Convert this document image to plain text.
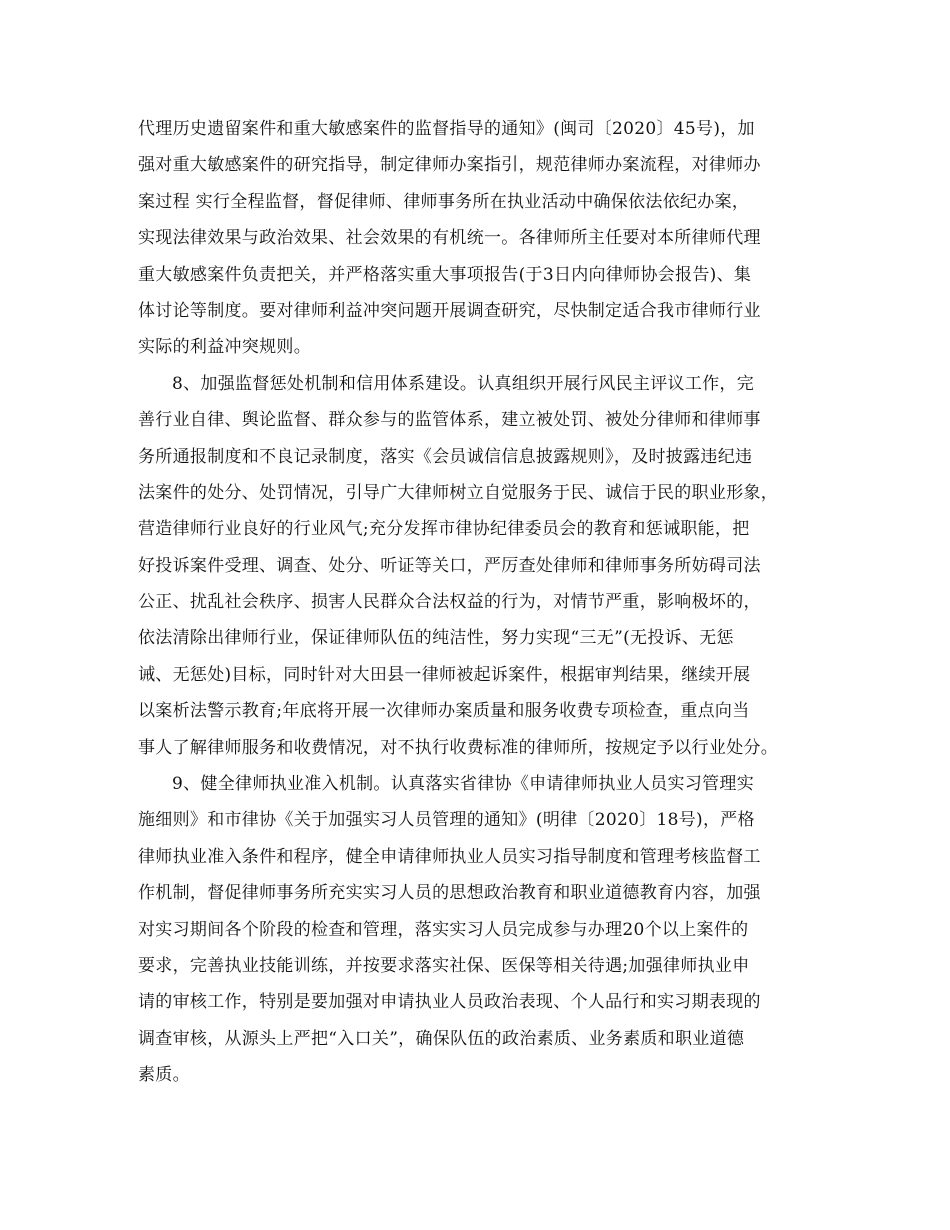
代理历史遗留案件和重大敏感案件的监督指导的通知》(闽司〔2020〕45号)，加
强对重大敏感案件的研究指导，制定律师办案指引，规范律师办案流程，对律师办
案过程 实行全程监督，督促律师、律师事务所在执业活动中确保依法依纪办案，
实现法律效果与政治效果、社会效果的有机统一。各律师所主任要对本所律师代理
重大敏感案件负责把关，并严格落实重大事项报告(于3日内向律师协会报告)、集
体讨论等制度。要对律师利益冲突问题开展调查研究，尽快制定适合我市律师行业
实际的利益冲突规则。
8、加强监督惩处机制和信用体系建设。认真组织开展行风民主评议工作，完
善行业自律、舆论监督、群众参与的监管体系，建立被处罚、被处分律师和律师事
务所通报制度和不良记录制度，落实《会员诚信信息披露规则》，及时披露违纪违
法案件的处分、处罚情况，引导广大律师树立自觉服务于民、诚信于民的职业形象，
营造律师行业良好的行业风气;充分发挥市律协纪律委员会的教育和惩诫职能，把
好投诉案件受理、调查、处分、听证等关口，严厉查处律师和律师事务所妨碍司法
公正、扰乱社会秩序、损害人民群众合法权益的行为，对情节严重，影响极坏的，
依法清除出律师行业，保证律师队伍的纯洁性，努力实现“三无”(无投诉、无惩
诫、无惩处)目标，同时针对大田县一律师被起诉案件，根据审判结果，继续开展
以案析法警示教育;年底将开展一次律师办案质量和服务收费专项检查，重点向当
事人了解律师服务和收费情况，对不执行收费标准的律师所，按规定予以行业处分。
9、健全律师执业准入机制。认真落实省律协《申请律师执业人员实习管理实
施细则》和市律协《关于加强实习人员管理的通知》(明律〔2020〕18号)，严格
律师执业准入条件和程序，健全申请律师执业人员实习指导制度和管理考核监督工
作机制，督促律师事务所充实实习人员的思想政治教育和职业道德教育内容，加强
对实习期间各个阶段的检查和管理，落实实习人员完成参与办理20个以上案件的
要求，完善执业技能训练，并按要求落实社保、医保等相关待遇;加强律师执业申
请的审核工作，特别是要加强对申请执业人员政治表现、个人品行和实习期表现的
调查审核，从源头上严把“入口关”，确保队伍的政治素质、业务素质和职业道德
素质。
